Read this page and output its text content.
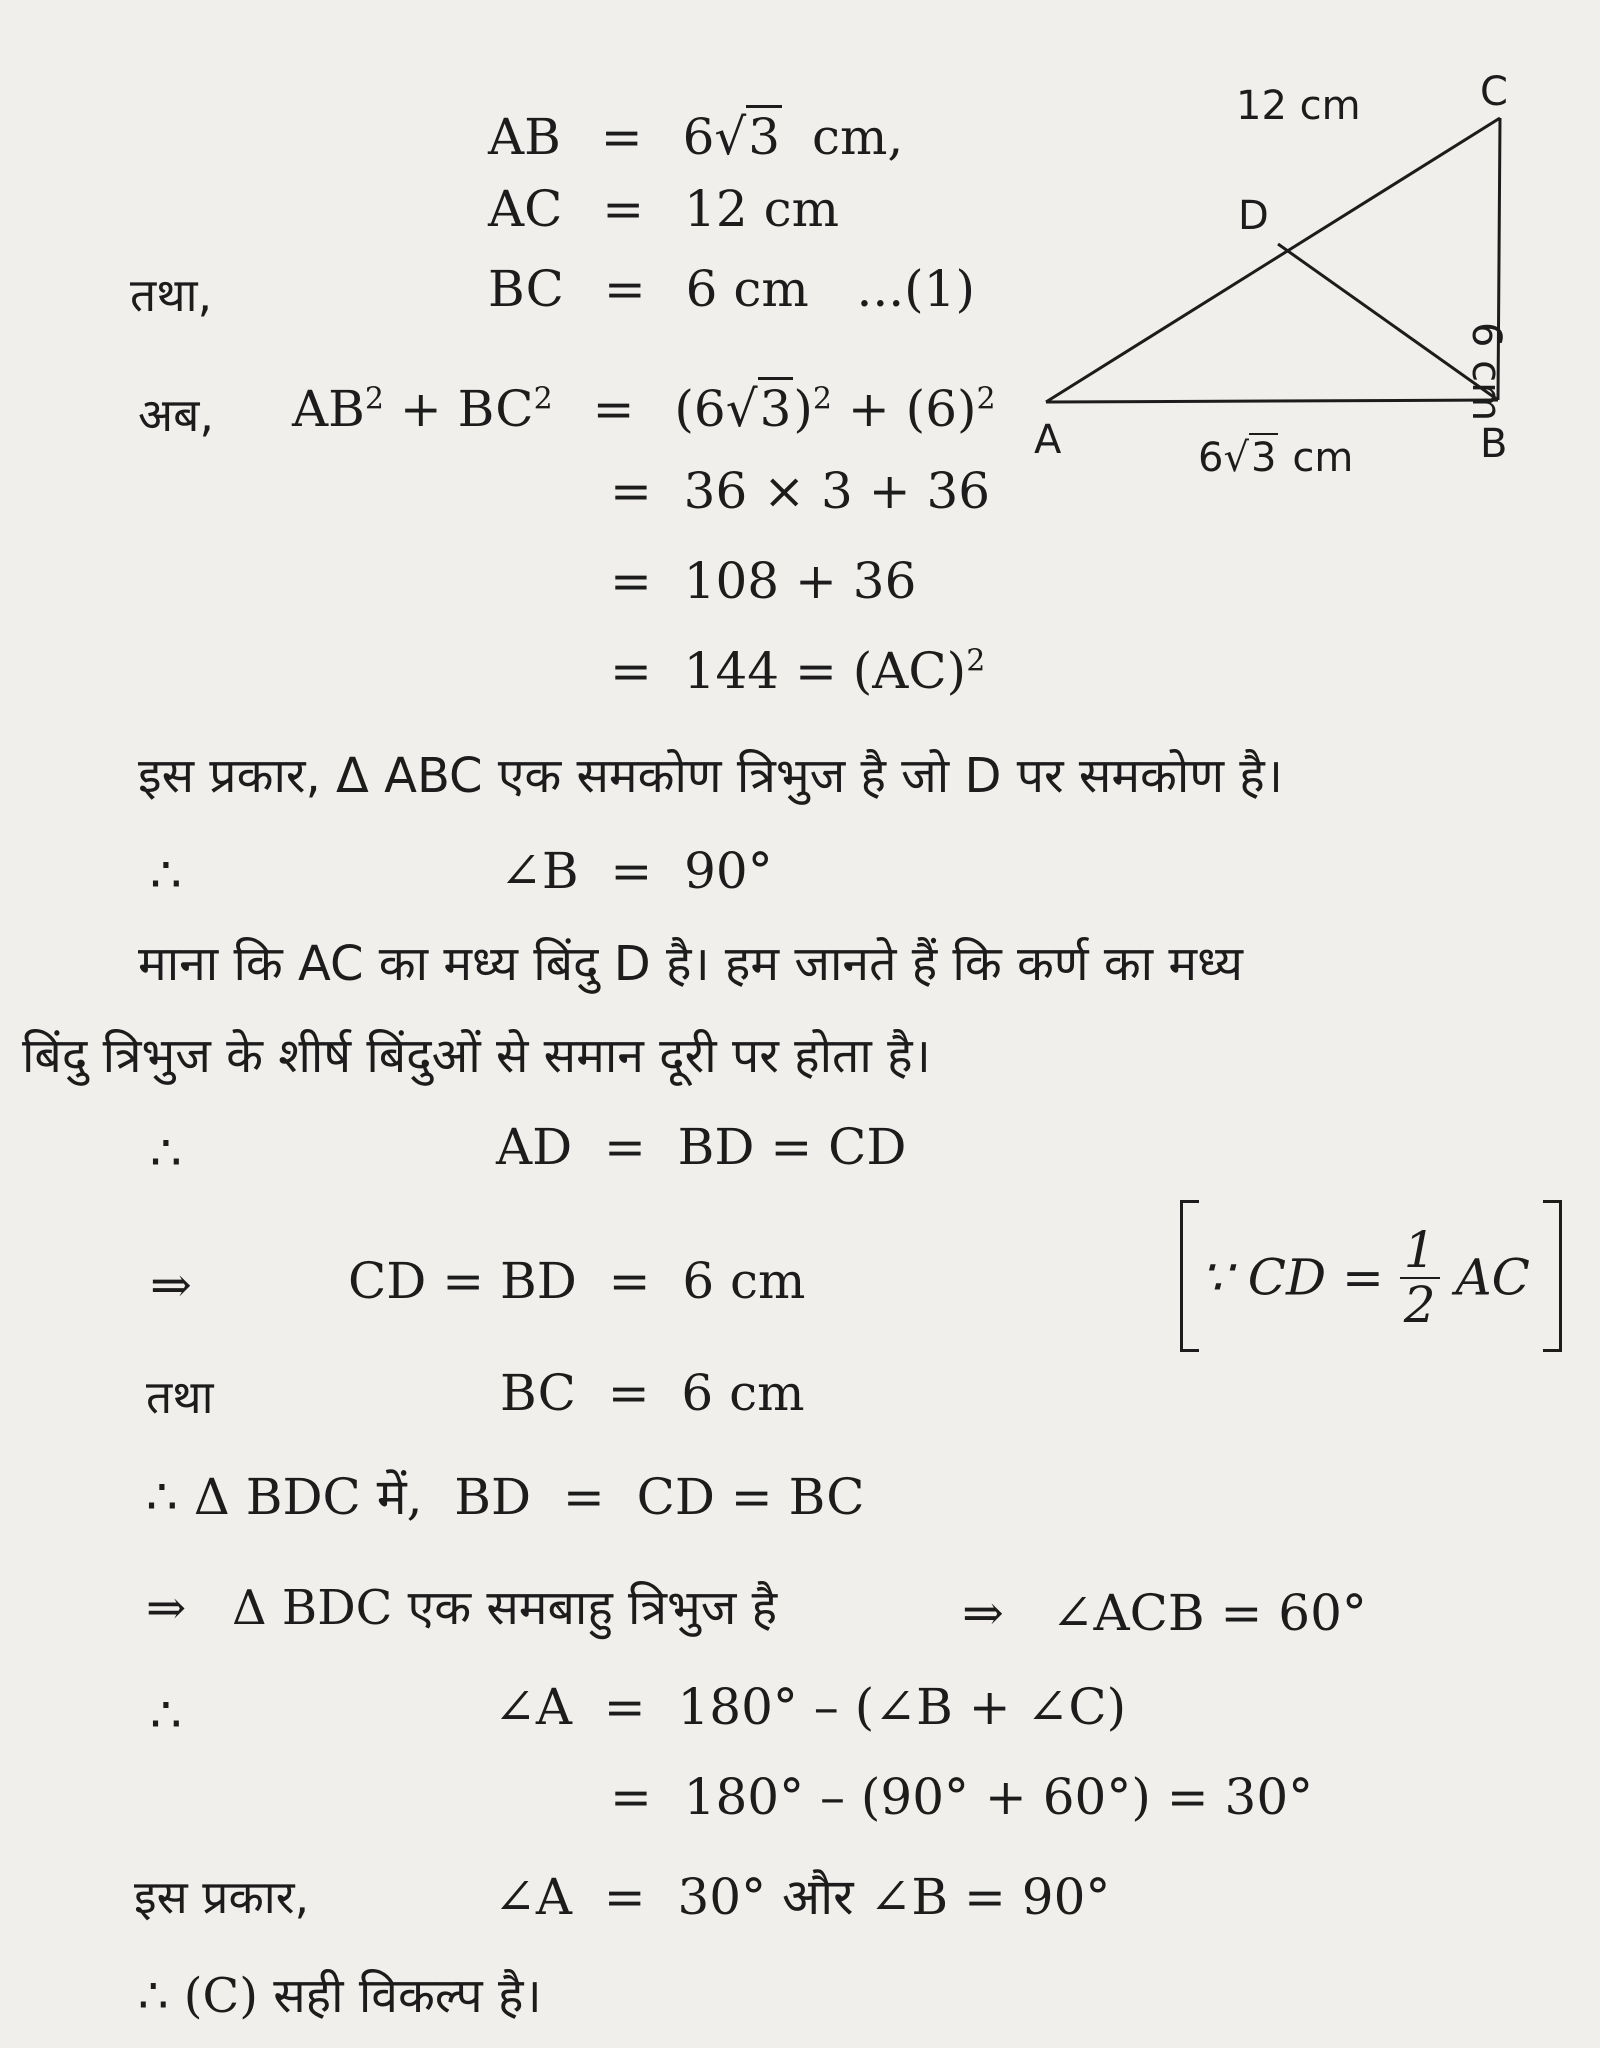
AB = 6√3 cm,
AC = 12 cm
तथा,	BC = 6 cm   ...(1)
अब, $AB^2 + BC^2 = (6√3)^2 + (6)^2$
=  36 × 3 + 36
=  108 + 36
=  144 = (AC)$^2$
इस प्रकार, Δ ABC एक समकोण त्रिभुज है जो D पर समकोण है।
∴	∠B  =  90°
माना कि AC का मध्य बिंदु D है। हम जानते हैं कि कर्ण का मध्य
बिंदु त्रिभुज के शीर्ष बिंदुओं से समान दूरी पर होता है।
∴	AD  =  BD = CD
⇒	CD = BD  =  6 cm	∵ CD = $\frac{1}{2}$ AC
तथा	BC  =  6 cm
∴ Δ BDC में,  BD  =  CD = BC
⇒   Δ BDC एक समबाहु त्रिभुज है	⇒   ∠ACB = 60°
∴	∠A  =  180° – (∠B + ∠C)
=  180° – (90° + 60°) = 30°
इस प्रकार,	∠A  =  30° और ∠B = 90°
∴ (C) सही विकल्प है।
C
D
A	B
12 cm
6 cm
6√3 cm
